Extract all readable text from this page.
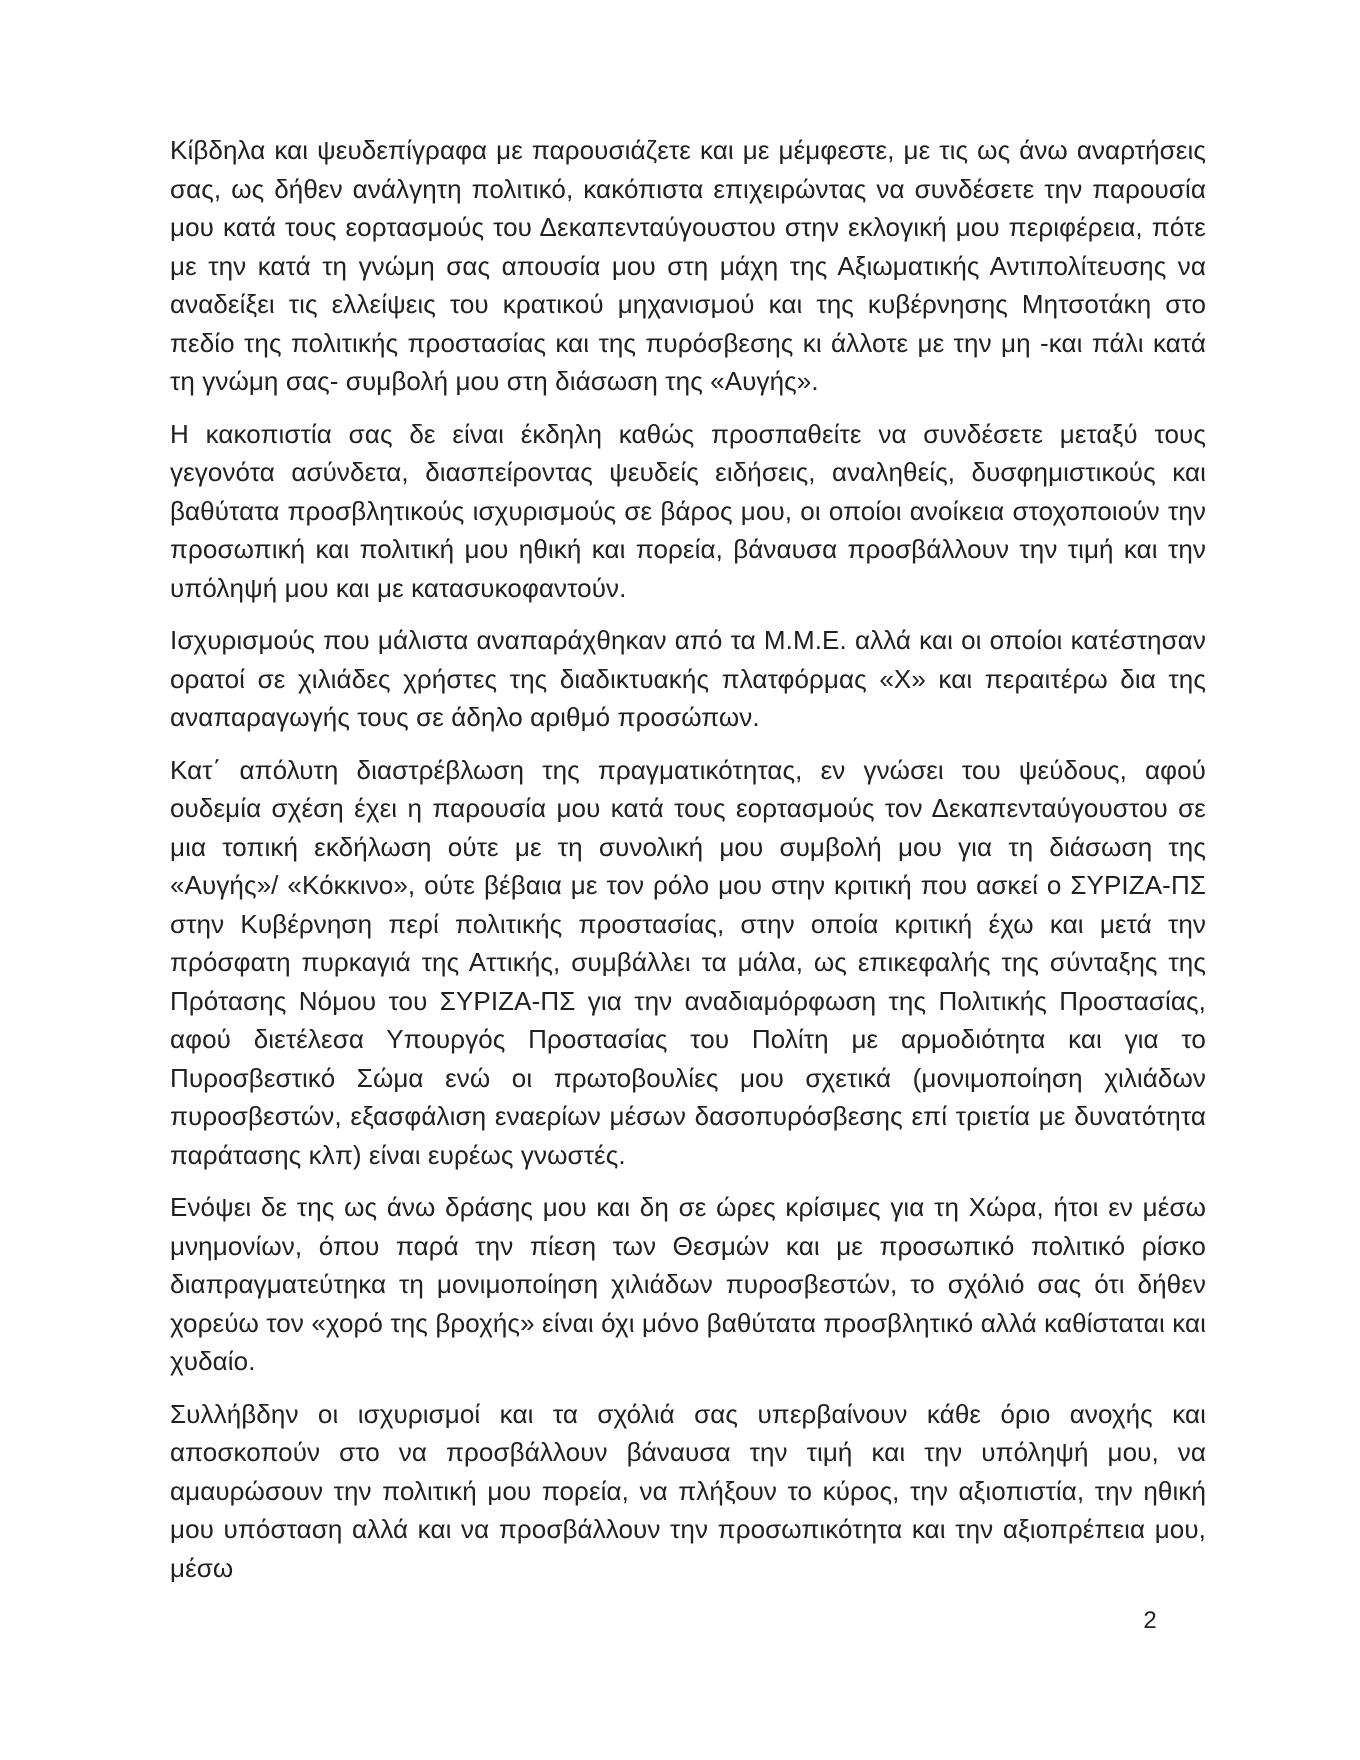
Κίβδηλα και ψευδεπίγραφα με παρουσιάζετε και με μέμφεστε, με τις ως άνω αναρτήσεις σας, ως δήθεν ανάλγητη πολιτικό, κακόπιστα επιχειρώντας να συνδέσετε την παρουσία μου κατά τους εορτασμούς του Δεκαπενταύγουστου στην εκλογική μου περιφέρεια, πότε με την κατά τη γνώμη σας απουσία μου στη μάχη της Αξιωματικής Αντιπολίτευσης να αναδείξει τις ελλείψεις του κρατικού μηχανισμού και της κυβέρνησης Μητσοτάκη στο πεδίο της πολιτικής προστασίας και της πυρόσβεσης κι άλλοτε με την μη -και πάλι κατά τη γνώμη σας- συμβολή μου στη διάσωση της «Αυγής».

Η κακοπιστία σας δε είναι έκδηλη καθώς προσπαθείτε να συνδέσετε μεταξύ τους γεγονότα ασύνδετα, διασπείροντας ψευδείς ειδήσεις, αναληθείς, δυσφημιστικούς και βαθύτατα προσβλητικούς ισχυρισμούς σε βάρος μου, οι οποίοι ανοίκεια στοχοποιούν την προσωπική και πολιτική μου ηθική και πορεία, βάναυσα προσβάλλουν την τιμή και την υπόληψή μου και με κατασυκοφαντούν.

Ισχυρισμούς που μάλιστα αναπαράχθηκαν από τα Μ.Μ.Ε. αλλά και οι οποίοι κατέστησαν ορατοί σε χιλιάδες χρήστες της διαδικτυακής πλατφόρμας «Χ» και περαιτέρω δια της αναπαραγωγής τους σε άδηλο αριθμό προσώπων.

Κατ΄ απόλυτη διαστρέβλωση της πραγματικότητας, εν γνώσει του ψεύδους, αφού ουδεμία σχέση έχει η παρουσία μου κατά τους εορτασμούς τον Δεκαπενταύγουστου σε μια τοπική εκδήλωση ούτε με τη συνολική μου συμβολή μου για τη διάσωση της «Αυγής»/ «Κόκκινο», ούτε βέβαια με τον ρόλο μου στην κριτική που ασκεί ο ΣΥΡΙΖΑ-ΠΣ στην Κυβέρνηση περί πολιτικής προστασίας, στην οποία κριτική έχω και μετά την πρόσφατη πυρκαγιά της Αττικής, συμβάλλει τα μάλα, ως επικεφαλής της σύνταξης της Πρότασης Νόμου του ΣΥΡΙΖΑ-ΠΣ για την αναδιαμόρφωση της Πολιτικής Προστασίας, αφού διετέλεσα Υπουργός Προστασίας του Πολίτη με αρμοδιότητα και για το Πυροσβεστικό Σώμα ενώ οι πρωτοβουλίες μου σχετικά (μονιμοποίηση χιλιάδων πυροσβεστών, εξασφάλιση εναερίων μέσων δασοπυρόσβεσης επί τριετία με δυνατότητα παράτασης κλπ) είναι ευρέως γνωστές.

Ενόψει δε της ως άνω δράσης μου και δη σε ώρες κρίσιμες για τη Χώρα, ήτοι εν μέσω μνημονίων, όπου παρά την πίεση των Θεσμών και με προσωπικό πολιτικό ρίσκο διαπραγματεύτηκα τη μονιμοποίηση χιλιάδων πυροσβεστών, το σχόλιό σας ότι δήθεν χορεύω τον «χορό της βροχής» είναι όχι μόνο βαθύτατα προσβλητικό αλλά καθίσταται και χυδαίο.

Συλλήβδην οι ισχυρισμοί και τα σχόλιά σας υπερβαίνουν κάθε όριο ανοχής και αποσκοπούν στο να προσβάλλουν βάναυσα την τιμή και την υπόληψή μου, να αμαυρώσουν την πολιτική μου πορεία, να πλήξουν το κύρος, την αξιοπιστία, την ηθική μου υπόσταση αλλά και να προσβάλλουν την προσωπικότητα και την αξιοπρέπεια μου, μέσω

2
